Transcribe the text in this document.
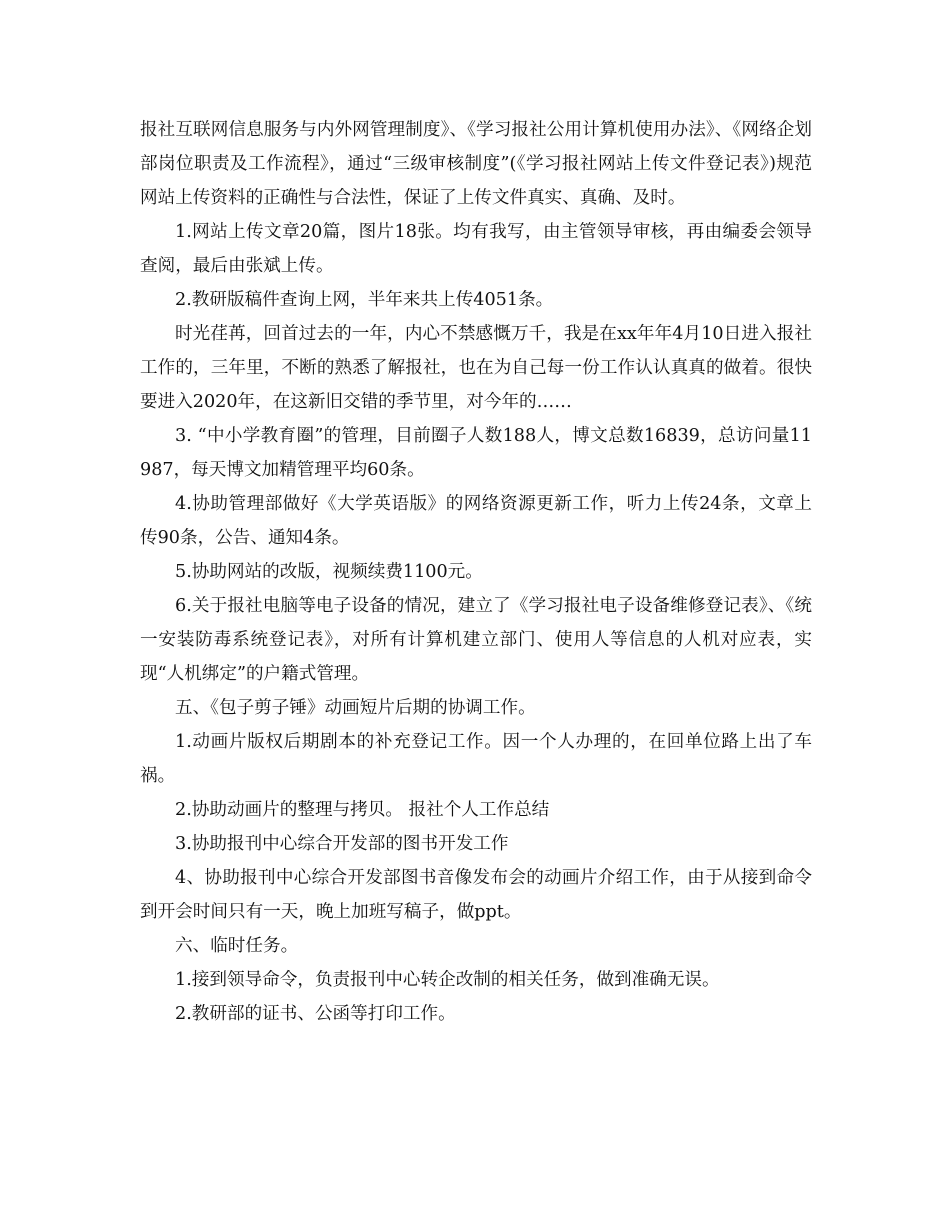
报社互联网信息服务与内外网管理制度》、《学习报社公用计算机使用办法》、《网络企划部岗位职责及工作流程》，通过“三级审核制度”(《学习报社网站上传文件登记表》)规范网站上传资料的正确性与合法性，保证了上传文件真实、真确、及时。

1.网站上传文章20篇，图片18张。均有我写，由主管领导审核，再由编委会领导查阅，最后由张斌上传。

2.教研版稿件查询上网，半年来共上传4051条。

时光荏苒，回首过去的一年，内心不禁感慨万千，我是在xx年年4月10日进入报社工作的，三年里，不断的熟悉了解报社，也在为自己每一份工作认认真真的做着。很快要进入2020年，在这新旧交错的季节里，对今年的……

3. “中小学教育圈”的管理，目前圈子人数188人，博文总数16839，总访问量11987，每天博文加精管理平均60条。

4.协助管理部做好《大学英语版》的网络资源更新工作，听力上传24条，文章上传90条，公告、通知4条。

5.协助网站的改版，视频续费1100元。

6.关于报社电脑等电子设备的情况，建立了《学习报社电子设备维修登记表》、《统一安装防毒系统登记表》，对所有计算机建立部门、使用人等信息的人机对应表，实现“人机绑定”的户籍式管理。

五、《包子剪子锤》动画短片后期的协调工作。

1.动画片版权后期剧本的补充登记工作。因一个人办理的，在回单位路上出了车祸。

2.协助动画片的整理与拷贝。 报社个人工作总结

3.协助报刊中心综合开发部的图书开发工作

4、协助报刊中心综合开发部图书音像发布会的动画片介绍工作，由于从接到命令到开会时间只有一天，晚上加班写稿子，做ppt。

六、临时任务。

1.接到领导命令，负责报刊中心转企改制的相关任务，做到准确无误。

2.教研部的证书、公函等打印工作。
